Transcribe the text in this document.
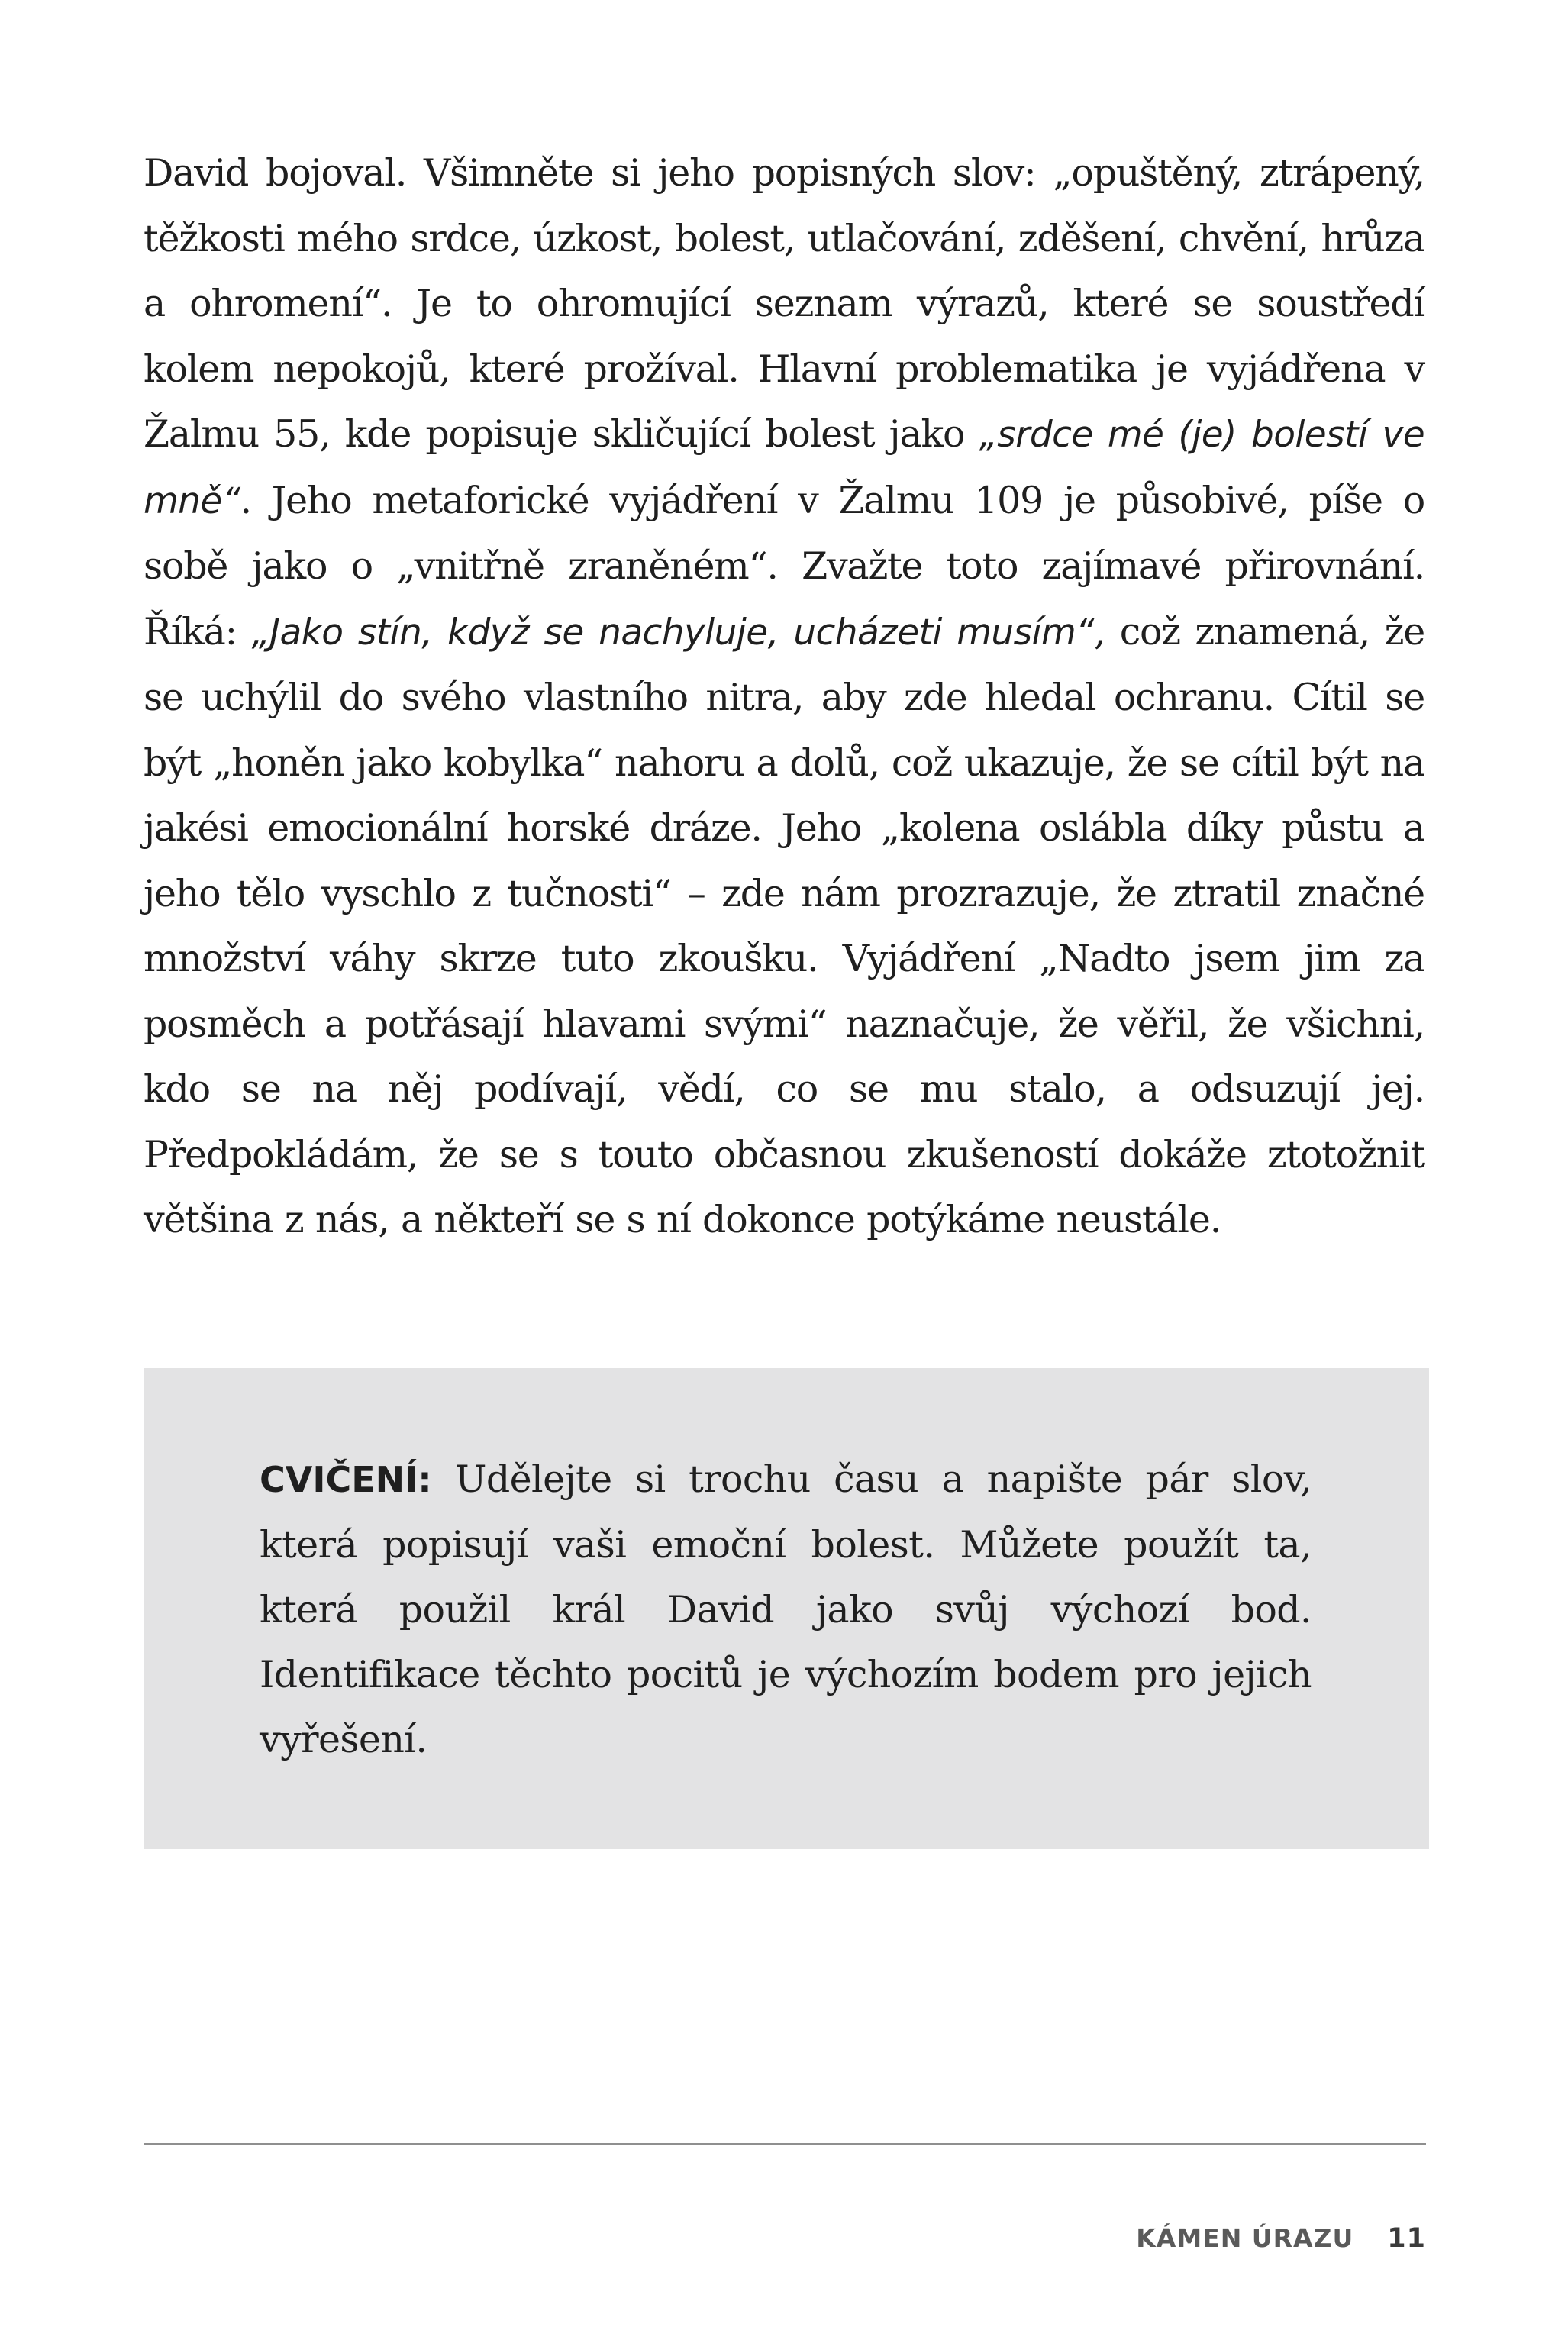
David bojoval. Všimněte si jeho popisných slov: „opuštěný, ztrápený, těžkosti mého srdce, úzkost, bolest, utlačování, zděšení, chvění, hrůza a ohromení“. Je to ohromující seznam výrazů, které se soustředí kolem nepokojů, které prožíval. Hlavní problematika je vyjádřena v Žalmu 55, kde popisuje skličující bolest jako „srdce mé (je) bolestí ve mně“. Jeho metaforické vyjádření v Žalmu 109 je působivé, píše o sobě jako o „vnitřně zraněném“. Zvažte toto zajímavé přirovnání. Říká: „Jako stín, když se nachyluje, ucházeti musím“, což znamená, že se uchýlil do svého vlastního nitra, aby zde hledal ochranu. Cítil se být „honěn jako kobylka“ nahoru a dolů, což ukazuje, že se cítil být na jakési emocionální horské dráze. Jeho „kolena oslábla díky půstu a jeho tělo vyschlo z tučnosti“ – zde nám prozrazuje, že ztratil značné množství váhy skrze tuto zkoušku. Vyjádření „Nadto jsem jim za posměch a potřásají hlavami svými“ naznačuje, že věřil, že všichni, kdo se na něj podívají, vědí, co se mu stalo, a odsuzují jej. Předpokládám, že se s touto občasnou zkušeností dokáže ztotožnit většina z nás, a někteří se s ní dokonce potýkáme neustále.

CVIČENÍ: Udělejte si trochu času a napište pár slov, která popisují vaši emoční bolest. Můžete použít ta, která použil král David jako svůj výchozí bod. Identifikace těchto pocitů je výchozím bodem pro jejich vyřešení.

KÁMEN ÚRAZU 11
